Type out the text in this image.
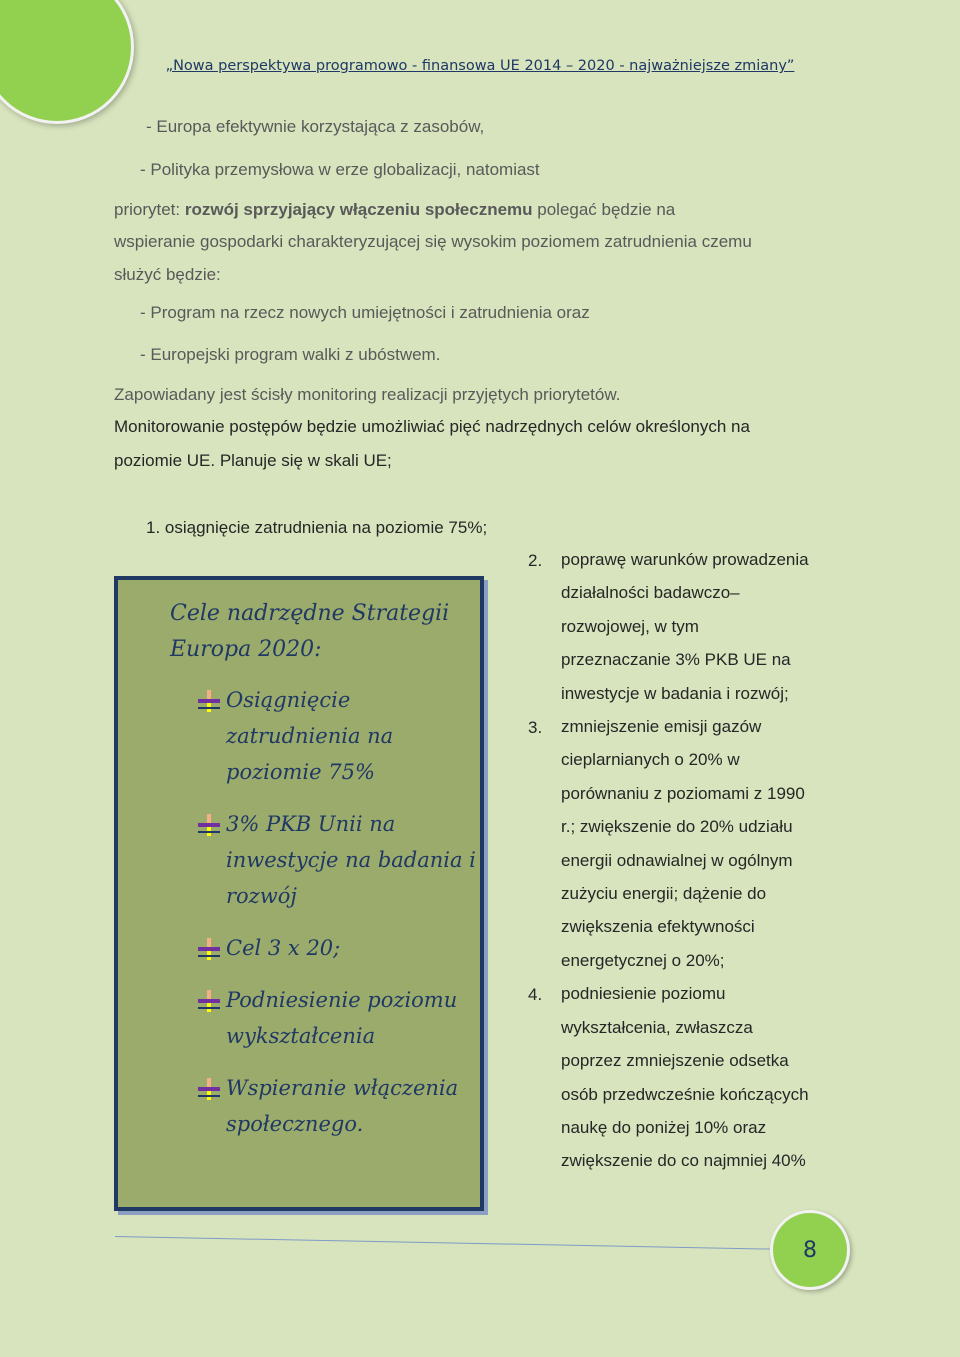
„Nowa perspektywa programowo - finansowa UE 2014 – 2020 - najważniejsze zmiany”
- Europa efektywnie korzystająca z zasobów,
- Polityka przemysłowa w erze globalizacji, natomiast
priorytet: rozwój sprzyjający włączeniu społecznemu polegać będzie na
wspieranie gospodarki charakteryzującej się wysokim poziomem zatrudnienia czemu
służyć będzie:
- Program na rzecz nowych umiejętności i zatrudnienia oraz
- Europejski program walki z ubóstwem.
Zapowiadany jest ścisły monitoring realizacji przyjętych priorytetów.
Monitorowanie postępów będzie umożliwiać pięć nadrzędnych celów określonych na
poziomie UE. Planuje się w skali UE;
1. osiągnięcie zatrudnienia na poziomie 75%;
Cele nadrzędne Strategii Europa 2020:
Osiągnięcie zatrudnienia na poziomie 75%
3% PKB Unii na inwestycje na badania i rozwój
Cel 3 x 20;
Podniesienie poziomu wykształcenia
Wspieranie włączenia społecznego.
2.
3.
4.
poprawę warunków prowadzenia
działalności badawczo–
rozwojowej, w tym
przeznaczanie 3% PKB UE na
inwestycje w badania i rozwój;
zmniejszenie emisji gazów
cieplarnianych o 20% w
porównaniu z poziomami z 1990
r.; zwiększenie do 20% udziału
energii odnawialnej w ogólnym
zużyciu energii; dążenie do
zwiększenia efektywności
energetycznej o 20%;
podniesienie poziomu
wykształcenia, zwłaszcza
poprzez zmniejszenie odsetka
osób przedwcześnie kończących
naukę do poniżej 10% oraz
zwiększenie do co najmniej 40%
8
